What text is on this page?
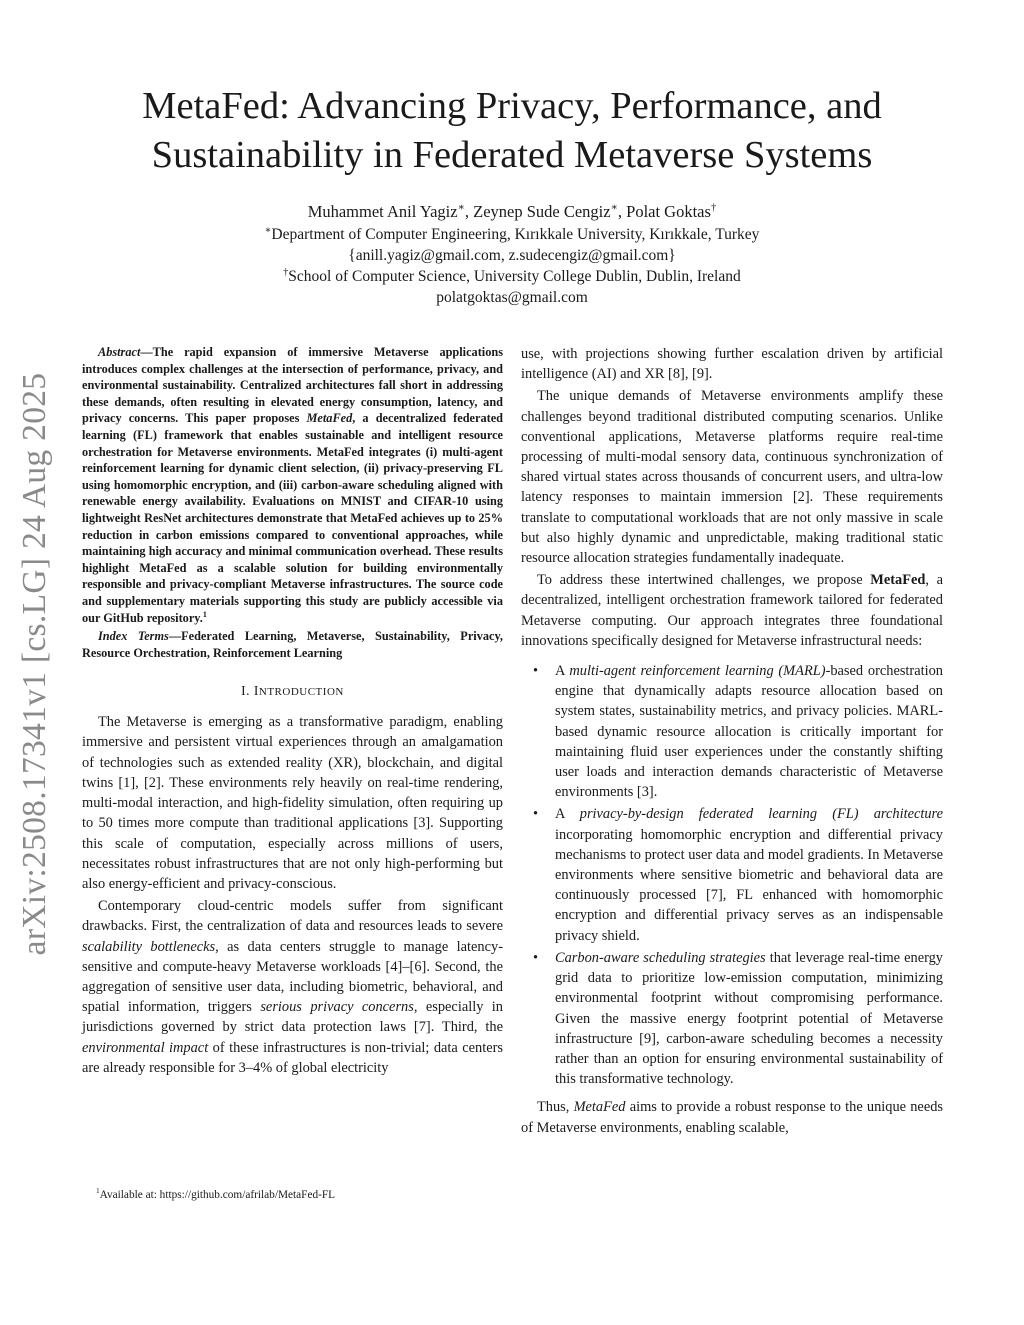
arXiv:2508.17341v1 [cs.LG] 24 Aug 2025
MetaFed: Advancing Privacy, Performance, and
Sustainability in Federated Metaverse Systems
Muhammet Anil Yagiz∗, Zeynep Sude Cengiz∗, Polat Goktas†
∗Department of Computer Engineering, Kırıkkale University, Kırıkkale, Turkey
{anill.yagiz@gmail.com, z.sudecengiz@gmail.com}
†School of Computer Science, University College Dublin, Dublin, Ireland
polatgoktas@gmail.com

Abstract—The rapid expansion of immersive Metaverse applications introduces complex challenges at the intersection of performance, privacy, and environmental sustainability. Centralized architectures fall short in addressing these demands, often resulting in elevated energy consumption, latency, and privacy concerns. This paper proposes MetaFed, a decentralized federated learning (FL) framework that enables sustainable and intelligent resource orchestration for Metaverse environments. MetaFed integrates (i) multi-agent reinforcement learning for dynamic client selection, (ii) privacy-preserving FL using homomorphic encryption, and (iii) carbon-aware scheduling aligned with renewable energy availability. Evaluations on MNIST and CIFAR-10 using lightweight ResNet architectures demonstrate that MetaFed achieves up to 25% reduction in carbon emissions compared to conventional approaches, while maintaining high accuracy and minimal communication overhead. These results highlight MetaFed as a scalable solution for building environmentally responsible and privacy-compliant Metaverse infrastructures. The source code and supplementary materials supporting this study are publicly accessible via our GitHub repository.$^1$

Index Terms—Federated Learning, Metaverse, Sustainability, Privacy, Resource Orchestration, Reinforcement Learning

I. INTRODUCTION

The Metaverse is emerging as a transformative paradigm, enabling immersive and persistent virtual experiences through an amalgamation of technologies such as extended reality (XR), blockchain, and digital twins [1], [2]. These environments rely heavily on real-time rendering, multi-modal interaction, and high-fidelity simulation, often requiring up to 50 times more compute than traditional applications [3]. Supporting this scale of computation, especially across millions of users, necessitates robust infrastructures that are not only high-performing but also energy-efficient and privacy-conscious.

Contemporary cloud-centric models suffer from significant drawbacks. First, the centralization of data and resources leads to severe scalability bottlenecks, as data centers struggle to manage latency-sensitive and compute-heavy Metaverse workloads [4]–[6]. Second, the aggregation of sensitive user data, including biometric, behavioral, and spatial information, triggers serious privacy concerns, especially in jurisdictions governed by strict data protection laws [7]. Third, the environmental impact of these infrastructures is non-trivial; data centers are already responsible for 3–4% of global electricity

use, with projections showing further escalation driven by artificial intelligence (AI) and XR [8], [9].

The unique demands of Metaverse environments amplify these challenges beyond traditional distributed computing scenarios. Unlike conventional applications, Metaverse platforms require real-time processing of multi-modal sensory data, continuous synchronization of shared virtual states across thousands of concurrent users, and ultra-low latency responses to maintain immersion [2]. These requirements translate to computational workloads that are not only massive in scale but also highly dynamic and unpredictable, making traditional static resource allocation strategies fundamentally inadequate.

To address these intertwined challenges, we propose MetaFed, a decentralized, intelligent orchestration framework tailored for federated Metaverse computing. Our approach integrates three foundational innovations specifically designed for Metaverse infrastructural needs:

• A multi-agent reinforcement learning (MARL)-based orchestration engine that dynamically adapts resource allocation based on system states, sustainability metrics, and privacy policies. MARL-based dynamic resource allocation is critically important for maintaining fluid user experiences under the constantly shifting user loads and interaction demands characteristic of Metaverse environments [3].
• A privacy-by-design federated learning (FL) architecture incorporating homomorphic encryption and differential privacy mechanisms to protect user data and model gradients. In Metaverse environments where sensitive biometric and behavioral data are continuously processed [7], FL enhanced with homomorphic encryption and differential privacy serves as an indispensable privacy shield.
• Carbon-aware scheduling strategies that leverage real-time energy grid data to prioritize low-emission computation, minimizing environmental footprint without compromising performance. Given the massive energy footprint potential of Metaverse infrastructure [9], carbon-aware scheduling becomes a necessity rather than an option for ensuring environmental sustainability of this transformative technology.

Thus, MetaFed aims to provide a robust response to the unique needs of Metaverse environments, enabling scalable,

$^1$Available at: https://github.com/afrilab/MetaFed-FL
